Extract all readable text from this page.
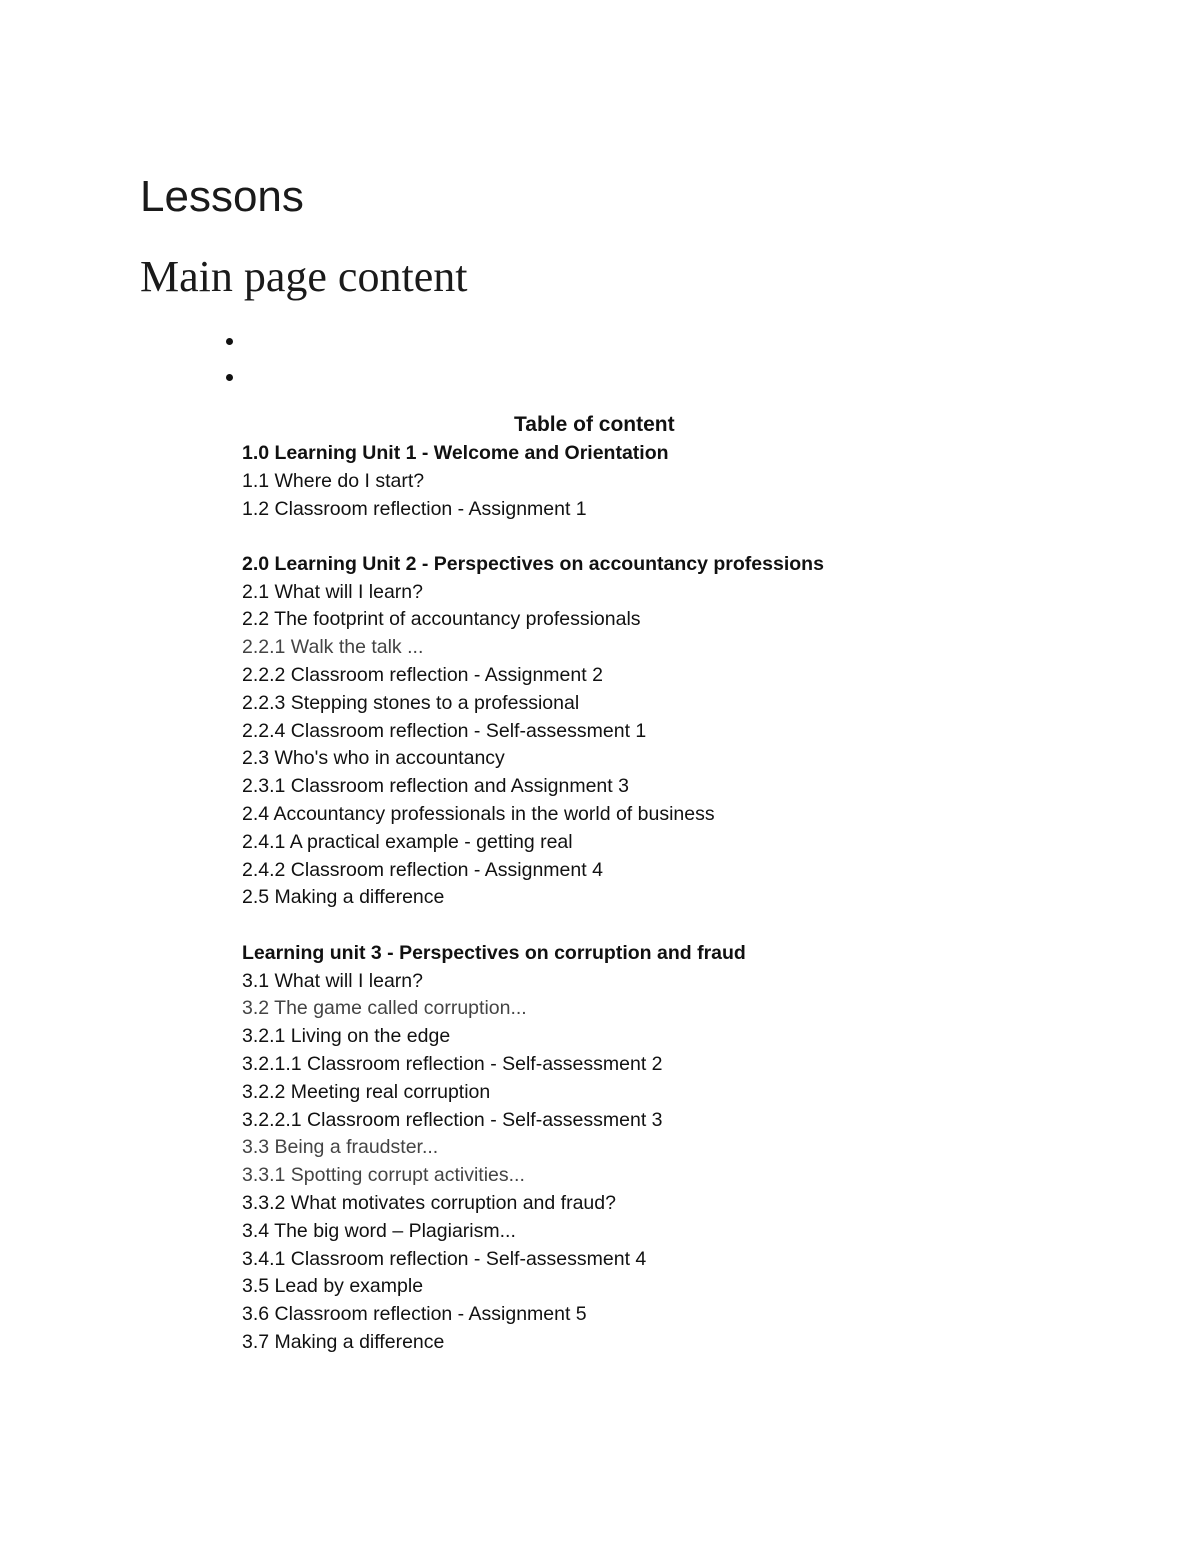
Lessons
Main page content
Table of content
1.0 Learning Unit 1 - Welcome and Orientation
1.1 Where do I start?
1.2 Classroom reflection - Assignment 1
2.0 Learning Unit 2 - Perspectives on accountancy professions
2.1 What will I learn?
2.2 The footprint of accountancy professionals
2.2.1 Walk the talk ...
2.2.2 Classroom reflection - Assignment 2
2.2.3 Stepping stones to a professional
2.2.4 Classroom reflection - Self-assessment 1
2.3 Who's who in accountancy
2.3.1 Classroom reflection and Assignment 3
2.4 Accountancy professionals in the world of business
2.4.1 A practical example - getting real
2.4.2 Classroom reflection - Assignment 4
2.5 Making a difference
Learning unit 3 - Perspectives on corruption and fraud
3.1 What will I learn?
3.2 The game called corruption...
3.2.1 Living on the edge
3.2.1.1 Classroom reflection - Self-assessment 2
3.2.2 Meeting real corruption
3.2.2.1 Classroom reflection - Self-assessment 3
3.3 Being a fraudster...
3.3.1 Spotting corrupt activities...
3.3.2 What motivates corruption and fraud?
3.4 The big word – Plagiarism...
3.4.1 Classroom reflection - Self-assessment 4
3.5 Lead by example
3.6 Classroom reflection - Assignment 5
3.7 Making a difference
